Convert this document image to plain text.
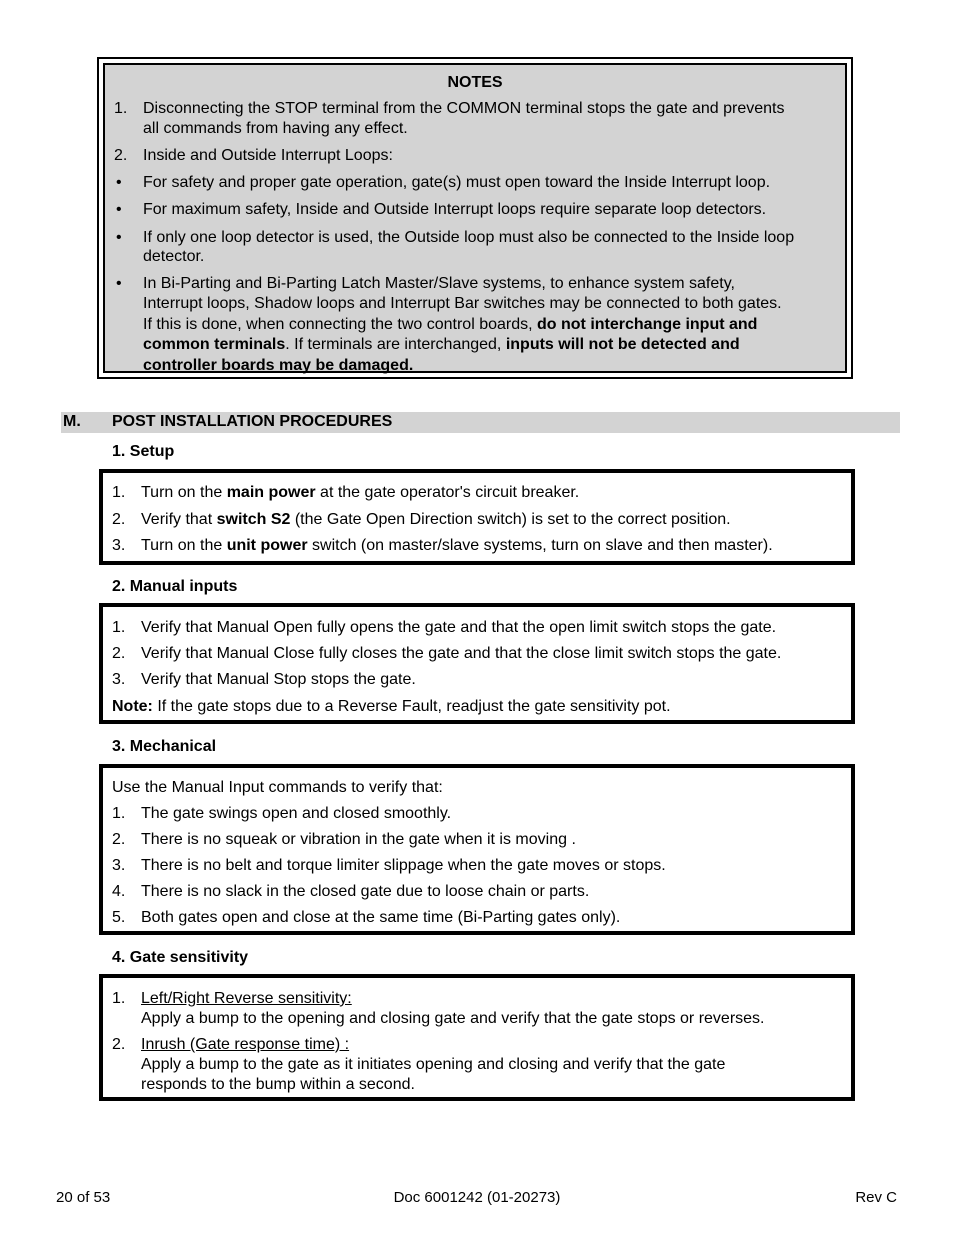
NOTES
1. Disconnecting the STOP terminal from the COMMON terminal stops the gate and prevents
all commands from having any effect.
2. Inside and Outside Interrupt Loops:
• For safety and proper gate operation, gate(s) must open toward the Inside Interrupt loop.
• For maximum safety, Inside and Outside Interrupt loops require separate loop detectors.
• If only one loop detector is used, the Outside loop must also be connected to the Inside loop
detector.
• In Bi-Parting and Bi-Parting Latch Master/Slave systems, to enhance system safety,
Interrupt loops, Shadow loops and Interrupt Bar switches may be connected to both gates.
If this is done, when connecting the two control boards, do not interchange input and
common terminals. If terminals are interchanged, inputs will not be detected and
controller boards may be damaged.
M. POST INSTALLATION PROCEDURES
1. Setup
1. Turn on the main power at the gate operator's circuit breaker.
2. Verify that switch S2 (the Gate Open Direction switch) is set to the correct position.
3. Turn on the unit power switch (on master/slave systems, turn on slave and then master).
2. Manual inputs
1. Verify that Manual Open fully opens the gate and that the open limit switch stops the gate.
2. Verify that Manual Close fully closes the gate and that the close limit switch stops the gate.
3. Verify that Manual Stop stops the gate.
Note: If the gate stops due to a Reverse Fault, readjust the gate sensitivity pot.
3. Mechanical
Use the Manual Input commands to verify that:
1. The gate swings open and closed smoothly.
2. There is no squeak or vibration in the gate when it is moving .
3. There is no belt and torque limiter slippage when the gate moves or stops.
4. There is no slack in the closed gate due to loose chain or parts.
5. Both gates open and close at the same time (Bi-Parting gates only).
4. Gate sensitivity
1. Left/Right Reverse sensitivity:
Apply a bump to the opening and closing gate and verify that the gate stops or reverses.
2. Inrush (Gate response time) :
Apply a bump to the gate as it initiates opening and closing and verify that the gate
responds to the bump within a second.
20 of 53	Doc 6001242 (01-20273)	Rev C
